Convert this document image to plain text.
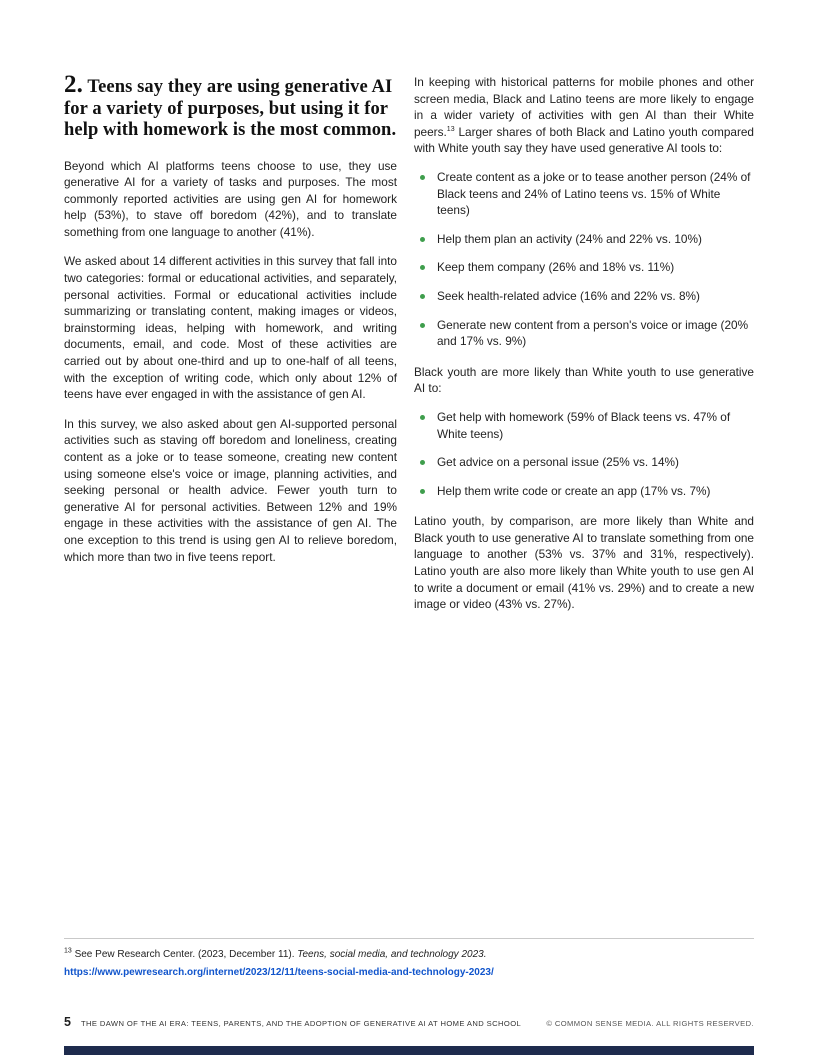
2. Teens say they are using generative AI for a variety of purposes, but using it for help with homework is the most common.

Beyond which AI platforms teens choose to use, they use generative AI for a variety of tasks and purposes. The most commonly reported activities are using gen AI for homework help (53%), to stave off boredom (42%), and to translate something from one language to another (41%).

We asked about 14 different activities in this survey that fall into two categories: formal or educational activities, and separately, personal activities. Formal or educational activities include summarizing or translating content, making images or videos, brainstorming ideas, helping with homework, and writing documents, email, and code. Most of these activities are carried out by about one-third and up to one-half of all teens, with the exception of writing code, which only about 12% of teens have ever engaged in with the assistance of gen AI.

In this survey, we also asked about gen AI-supported personal activities such as staving off boredom and loneliness, creating content as a joke or to tease someone, creating new content using someone else's voice or image, planning activities, and seeking personal or health advice. Fewer youth turn to generative AI for personal activities. Between 12% and 19% engage in these activities with the assistance of gen AI. The one exception to this trend is using gen AI to relieve boredom, which more than two in five teens report.

In keeping with historical patterns for mobile phones and other screen media, Black and Latino teens are more likely to engage in a wider variety of activities with gen AI than their White peers.$^{13}$ Larger shares of both Black and Latino youth compared with White youth say they have used generative AI tools to:

Create content as a joke or to tease another person (24% of Black teens and 24% of Latino teens vs. 15% of White teens)
Help them plan an activity (24% and 22% vs. 10%)
Keep them company (26% and 18% vs. 11%)
Seek health-related advice (16% and 22% vs. 8%)
Generate new content from a person's voice or image (20% and 17% vs. 9%)

Black youth are more likely than White youth to use generative AI to:

Get help with homework (59% of Black teens vs. 47% of White teens)
Get advice on a personal issue (25% vs. 14%)
Help them write code or create an app (17% vs. 7%)

Latino youth, by comparison, are more likely than White and Black youth to use generative AI to translate something from one language to another (53% vs. 37% and 31%, respectively). Latino youth are also more likely than White youth to use gen AI to write a document or email (41% vs. 29%) and to create a new image or video (43% vs. 27%).

$^{13}$ See Pew Research Center. (2023, December 11). Teens, social media, and technology 2023.

https://www.pewresearch.org/internet/2023/12/11/teens-social-media-and-technology-2023/
5 THE DAWN OF THE AI ERA: TEENS, PARENTS, AND THE ADOPTION OF GENERATIVE AI AT HOME AND SCHOOL	© COMMON SENSE MEDIA. ALL RIGHTS RESERVED.
